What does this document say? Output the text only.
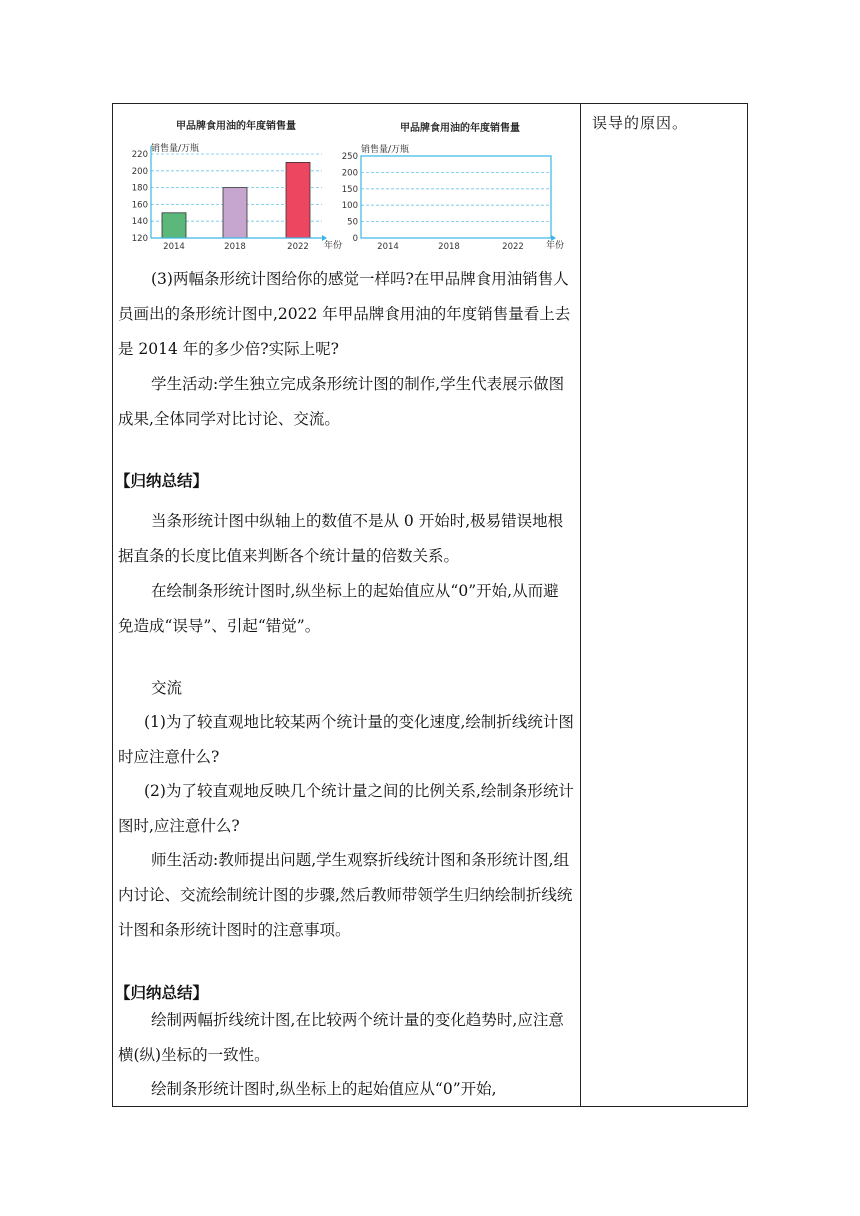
甲品牌食用油的年度销售量
销售量/万瓶
年份
120
140
160
180
200
220
2014	2018	2022
甲品牌食用油的年度销售量
销售量/万瓶
年份
0
50
100
150
200
250
2014	2018	2022

(3)两幅条形统计图给你的感觉一样吗?在甲品牌食用油销售人员画出的条形统计图中,2022 年甲品牌食用油的年度销售量看上去是 2014 年的多少倍?实际上呢?

学生活动:学生独立完成条形统计图的制作,学生代表展示做图成果,全体同学对比讨论、交流。

【归纳总结】

当条形统计图中纵轴上的数值不是从 0 开始时,极易错误地根据直条的长度比值来判断各个统计量的倍数关系。

在绘制条形统计图时,纵坐标上的起始值应从“0”开始,从而避免造成“误导”、引起“错觉”。

交流

(1)为了较直观地比较某两个统计量的变化速度,绘制折线统计图时应注意什么?

(2)为了较直观地反映几个统计量之间的比例关系,绘制条形统计图时,应注意什么?

师生活动:教师提出问题,学生观察折线统计图和条形统计图,组内讨论、交流绘制统计图的步骤,然后教师带领学生归纳绘制折线统计图和条形统计图时的注意事项。

【归纳总结】

绘制两幅折线统计图,在比较两个统计量的变化趋势时,应注意横(纵)坐标的一致性。

绘制条形统计图时,纵坐标上的起始值应从“0”开始,

误导的原因。
